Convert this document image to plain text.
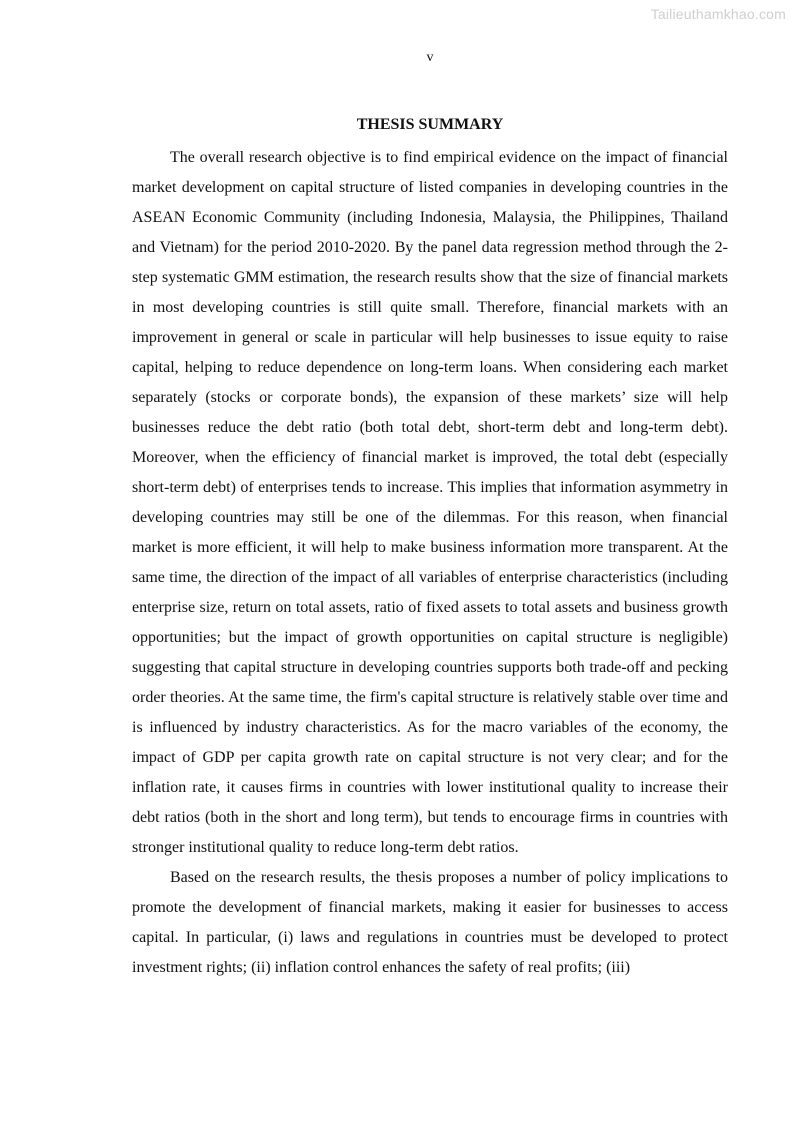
Tailieuthamkhao.com
v
THESIS SUMMARY

The overall research objective is to find empirical evidence on the impact of financial market development on capital structure of listed companies in developing countries in the ASEAN Economic Community (including Indonesia, Malaysia, the Philippines, Thailand and Vietnam) for the period 2010-2020. By the panel data regression method through the 2-step systematic GMM estimation, the research results show that the size of financial markets in most developing countries is still quite small. Therefore, financial markets with an improvement in general or scale in particular will help businesses to issue equity to raise capital, helping to reduce dependence on long-term loans. When considering each market separately (stocks or corporate bonds), the expansion of these markets’ size will help businesses reduce the debt ratio (both total debt, short-term debt and long-term debt). Moreover, when the efficiency of financial market is improved, the total debt (especially short-term debt) of enterprises tends to increase. This implies that information asymmetry in developing countries may still be one of the dilemmas. For this reason, when financial market is more efficient, it will help to make business information more transparent. At the same time, the direction of the impact of all variables of enterprise characteristics (including enterprise size, return on total assets, ratio of fixed assets to total assets and business growth opportunities; but the impact of growth opportunities on capital structure is negligible) suggesting that capital structure in developing countries supports both trade-off and pecking order theories. At the same time, the firm's capital structure is relatively stable over time and is influenced by industry characteristics. As for the macro variables of the economy, the impact of GDP per capita growth rate on capital structure is not very clear; and for the inflation rate, it causes firms in countries with lower institutional quality to increase their debt ratios (both in the short and long term), but tends to encourage firms in countries with stronger institutional quality to reduce long-term debt ratios.

Based on the research results, the thesis proposes a number of policy implications to promote the development of financial markets, making it easier for businesses to access capital. In particular, (i) laws and regulations in countries must be developed to protect investment rights; (ii) inflation control enhances the safety of real profits; (iii)
